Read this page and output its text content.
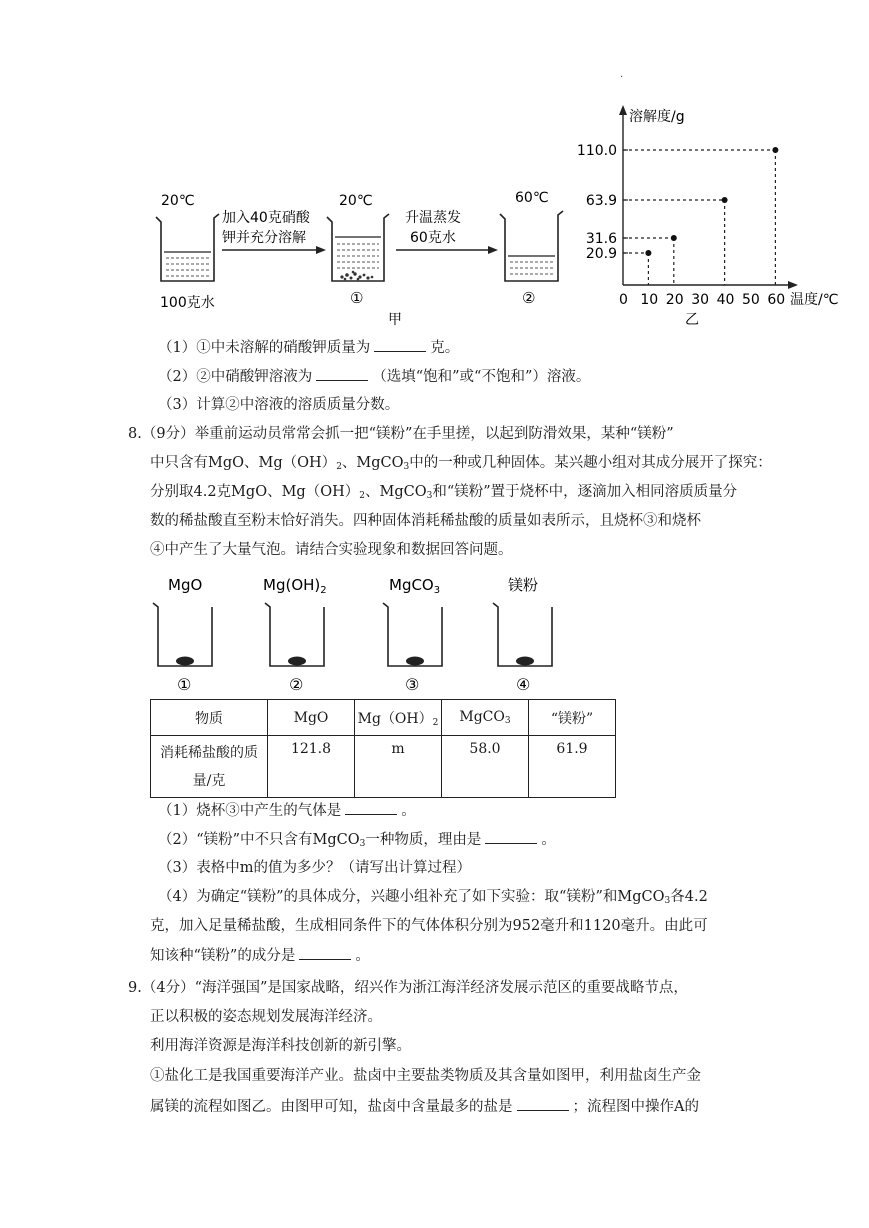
·
20℃
100克水
加入40克硝酸
钾并充分溶解
20℃
①
甲
升温蒸发
60克水
60℃
②
溶解度/g
温度/℃
乙
0 10 20 30 40 50 60
110.0
63.9
31.6
20.9
（1）①中未溶解的硝酸钾质量为	克。
（2）②中硝酸钾溶液为	（选填“饱和”或“不饱和”）溶液。
（3）计算②中溶液的溶质质量分数。
8.（9分）举重前运动员常常会抓一把“镁粉”在手里搓，以起到防滑效果，某种“镁粉”
中只含有MgO、$Mg(OH)_2$、MgCO$_3$中的一种或几种固体。某兴趣小组对其成分展开了探究：
分别取4.2克MgO、$Mg(OH)_2$、MgCO$_3$和“镁粉”置于烧杯中，逐滴加入相同溶质质量分
数的稀盐酸直至粉末恰好消失。四种固体消耗稀盐酸的质量如表所示，且烧杯③和烧杯
④中产生了大量气泡。请结合实验现象和数据回答问题。
MgO
①
$Mg(OH)_2$
②
MgCO$_3$
③
镁粉
④
物质	MgO	$Mg(OH)_2$	MgCO$_3$	“镁粉”
消耗稀盐酸的质
量/克	121.8	m	58.0	61.9
（1）烧杯③中产生的气体是	。
（2）“镁粉”中不只含有MgCO$_3$一种物质，理由是	。
（3）表格中m的值为多少？（请写出计算过程）
（4）为确定“镁粉”的具体成分，兴趣小组补充了如下实验：取“镁粉”和MgCO$_3$各4.2
克，加入足量稀盐酸，生成相同条件下的气体体积分别为952毫升和1120毫升。由此可
知该种“镁粉”的成分是	。
9.（4分）“海洋强国”是国家战略，绍兴作为浙江海洋经济发展示范区的重要战略节点，
正以积极的姿态规划发展海洋经济。
利用海洋资源是海洋科技创新的新引擎。
①盐化工是我国重要海洋产业。盐卤中主要盐类物质及其含量如图甲，利用盐卤生产金
属镁的流程如图乙。由图甲可知，盐卤中含量最多的盐是	；流程图中操作A的
